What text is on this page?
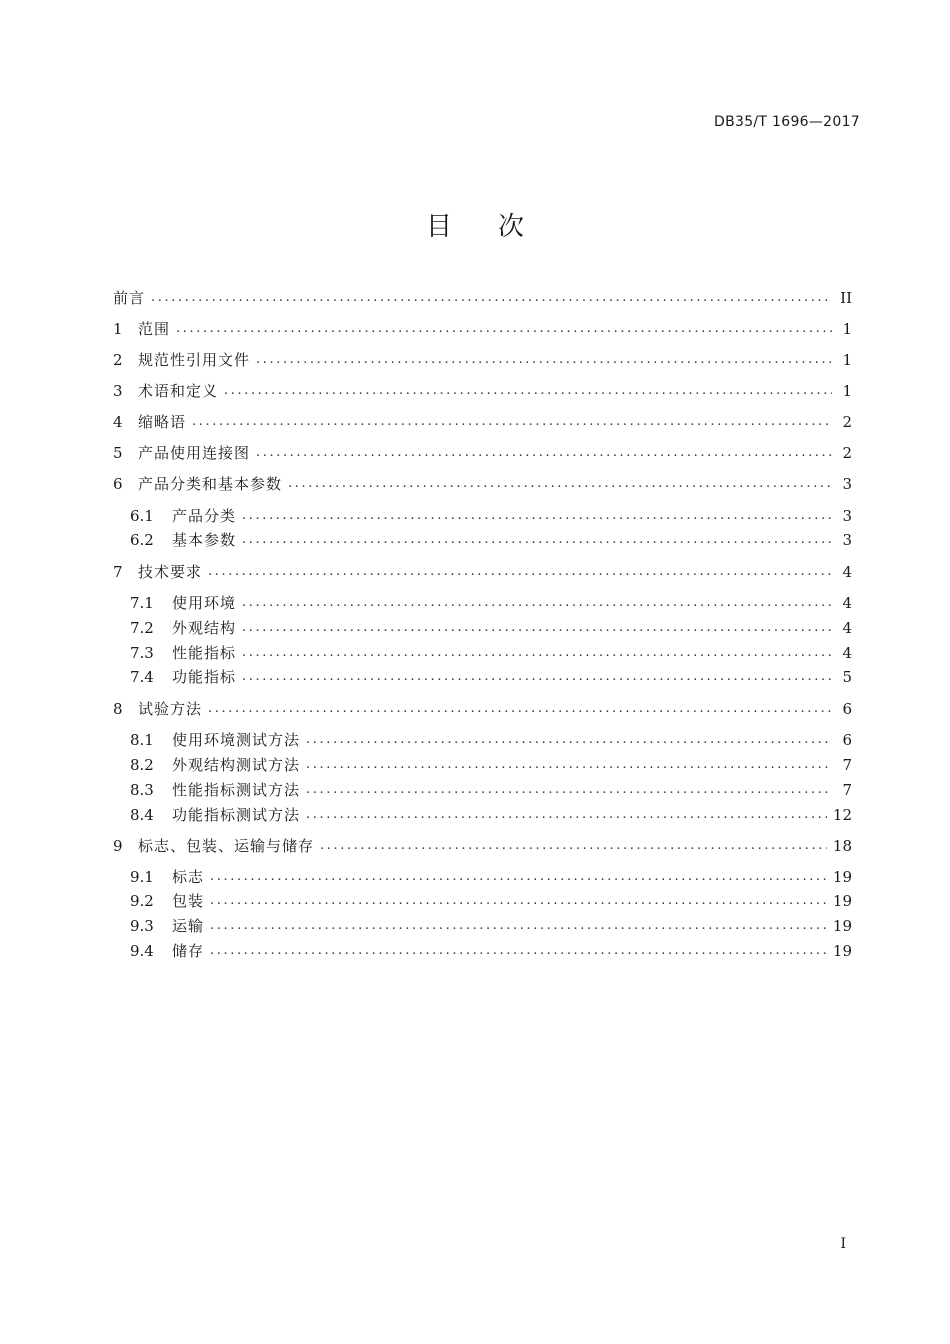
DB35/T 1696—2017
目次
前言 .....	II
1	范围 .....	1
2	规范性引用文件 .....	1
3	术语和定义 .....	1
4	缩略语 .....	2
5	产品使用连接图 .....	2
6	产品分类和基本参数 .....	3
6.1	产品分类 .....	3
6.2	基本参数 .....	3
7	技术要求 .....	4
7.1	使用环境 .....	4
7.2	外观结构 .....	4
7.3	性能指标 .....	4
7.4	功能指标 .....	5
8	试验方法 .....	6
8.1	使用环境测试方法 .....	6
8.2	外观结构测试方法 .....	7
8.3	性能指标测试方法 .....	7
8.4	功能指标测试方法 .....	12
9	标志、包装、运输与储存 .....	18
9.1	标志 .....	19
9.2	包装 .....	19
9.3	运输 .....	19
9.4	储存 .....	19
I
